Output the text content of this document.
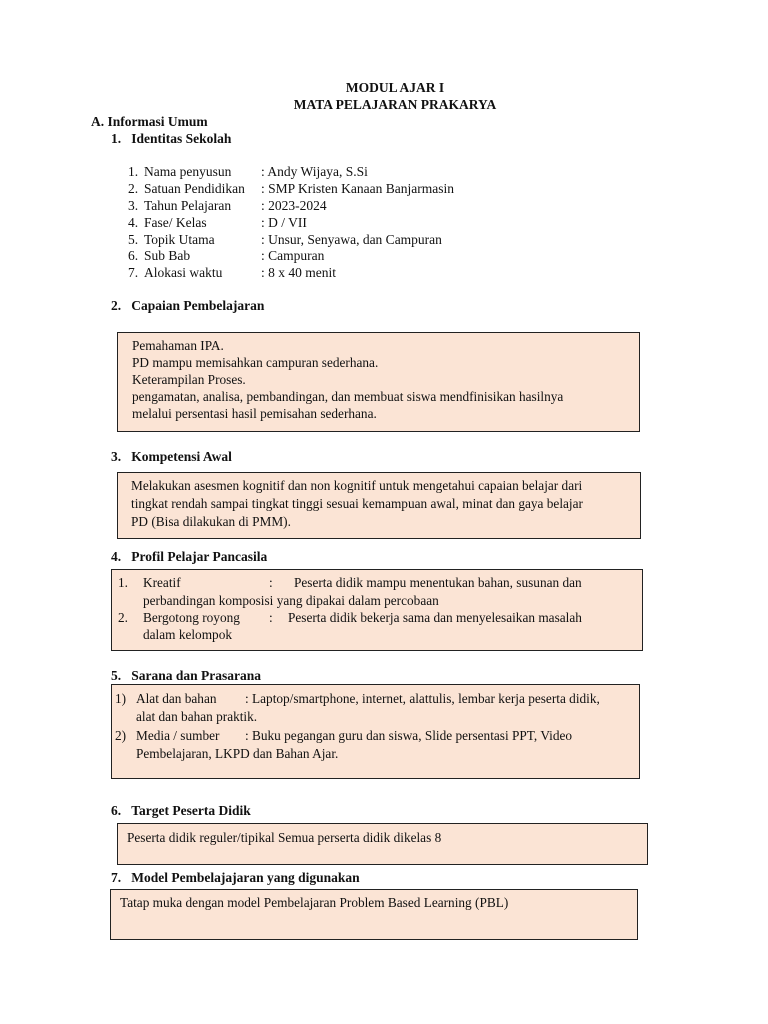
MODUL AJAR I
MATA PELAJARAN PRAKARYA
A. Informasi Umum
1.   Identitas Sekolah
1. Nama penyusun : Andy Wijaya, S.Si
2. Satuan Pendidikan : SMP Kristen Kanaan Banjarmasin
3. Tahun Pelajaran : 2023-2024
4. Fase/ Kelas	: D / VII
5. Topik Utama	: Unsur, Senyawa, dan Campuran
6. Sub Bab	: Campuran
7. Alokasi waktu	: 8 x 40 menit
2.   Capaian Pembelajaran
Pemahaman IPA.
PD mampu memisahkan campuran sederhana.
Keterampilan Proses.
pengamatan, analisa, pembandingan, dan membuat siswa mendfinisikan hasilnya
melalui persentasi hasil pemisahan sederhana.
3.   Kompetensi Awal
Melakukan asesmen kognitif dan non kognitif untuk mengetahui capaian belajar dari
tingkat rendah sampai tingkat tinggi sesuai kemampuan awal, minat dan gaya belajar
PD (Bisa dilakukan di PMM).
4.   Profil Pelajar Pancasila
1. Kreatif	: Peserta didik mampu menentukan bahan, susunan dan
perbandingan komposisi yang dipakai dalam percobaan
2. Bergotong royong : Peserta didik bekerja sama dan menyelesaikan masalah
dalam kelompok
5.   Sarana dan Prasarana
1) Alat dan bahan : Laptop/smartphone, internet, alattulis, lembar kerja peserta didik,
alat dan bahan praktik.
2) Media / sumber : Buku pegangan guru dan siswa, Slide persentasi PPT, Video
Pembelajaran, LKPD dan Bahan Ajar.
6.   Target Peserta Didik
Peserta didik reguler/tipikal Semua perserta didik dikelas 8
7.   Model Pembelajajaran yang digunakan
Tatap muka dengan model Pembelajaran Problem Based Learning (PBL)
